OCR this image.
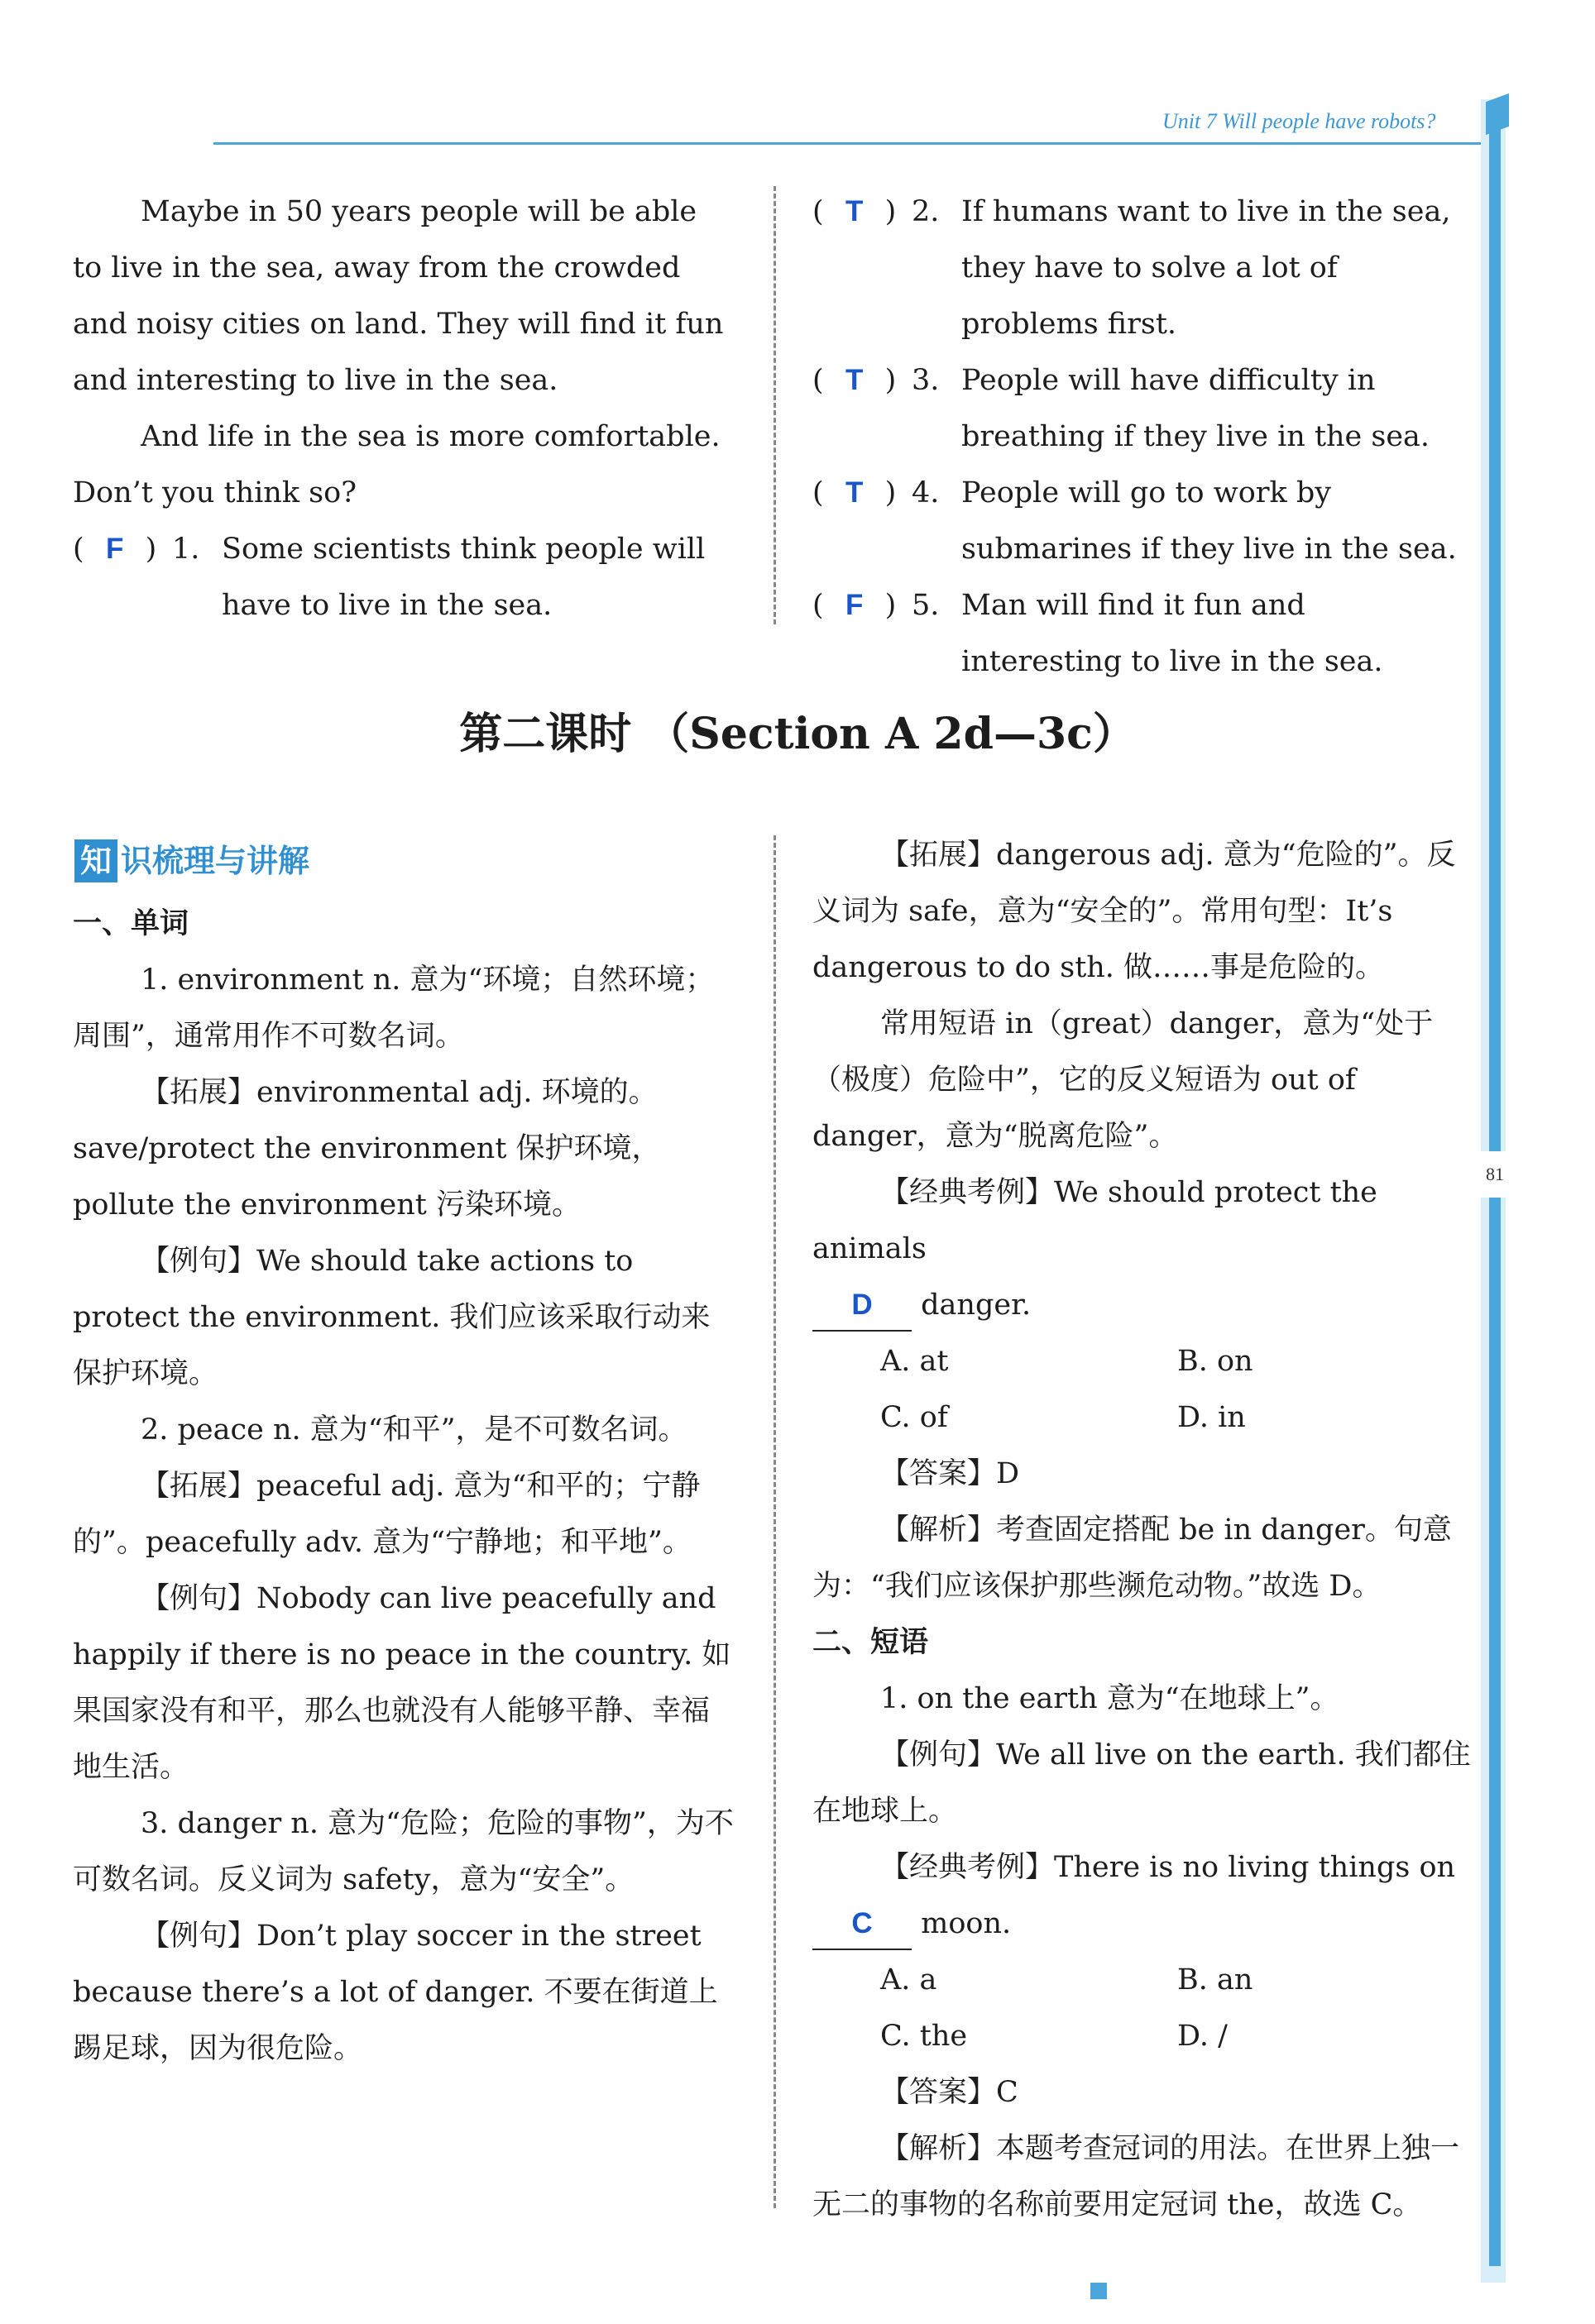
Unit 7 Will people have robots?
81

Maybe in 50 years people will be able to live in the sea, away from the crowded and noisy cities on land. They will find it fun and interesting to live in the sea.

And life in the sea is more comfortable. Don’t you think so?

( F ) 1. Some scientists think people will have to live in the sea.
( T ) 2. If humans want to live in the sea, they have to solve a lot of problems first.
( T ) 3. People will have difficulty in breathing if they live in the sea.
( T ) 4. People will go to work by submarines if they live in the sea.
( F ) 5. Man will find it fun and interesting to live in the sea.
第二课时 （Section A 2d—3c）
知 识梳理与讲解

一、单词

1. environment n. 意为“环境；自然环境；周围”，通常用作不可数名词。

【拓展】environmental adj. 环境的。save/protect the environment 保护环境，pollute the environment 污染环境。

【例句】We should take actions to protect the environment. 我们应该采取行动来保护环境。

2. peace n. 意为“和平”，是不可数名词。

【拓展】peaceful adj. 意为“和平的；宁静的”。peacefully adv. 意为“宁静地；和平地”。

【例句】Nobody can live peacefully and happily if there is no peace in the country. 如果国家没有和平，那么也就没有人能够平静、幸福地生活。

3. danger n. 意为“危险；危险的事物”，为不可数名词。反义词为 safety，意为“安全”。

【例句】Don’t play soccer in the street because there’s a lot of danger. 不要在街道上踢足球，因为很危险。

【拓展】dangerous adj. 意为“危险的”。反义词为 safe，意为“安全的”。常用句型：It’s dangerous to do sth. 做……事是危险的。

常用短语 in（great）danger，意为“处于（极度）危险中”，它的反义短语为 out of danger，意为“脱离危险”。

【经典考例】We should protect the animals

D danger.

A. at	B. on
C. of	D. in

【答案】D

【解析】考查固定搭配 be in danger。句意为：“我们应该保护那些濒危动物。”故选 D。

二、短语

1. on the earth 意为“在地球上”。

【例句】We all live on the earth. 我们都住在地球上。

【经典考例】There is no living things on

C moon.

A. a	B. an
C. the	D. /

【答案】C

【解析】本题考查冠词的用法。在世界上独一无二的事物的名称前要用定冠词 the，故选 C。
